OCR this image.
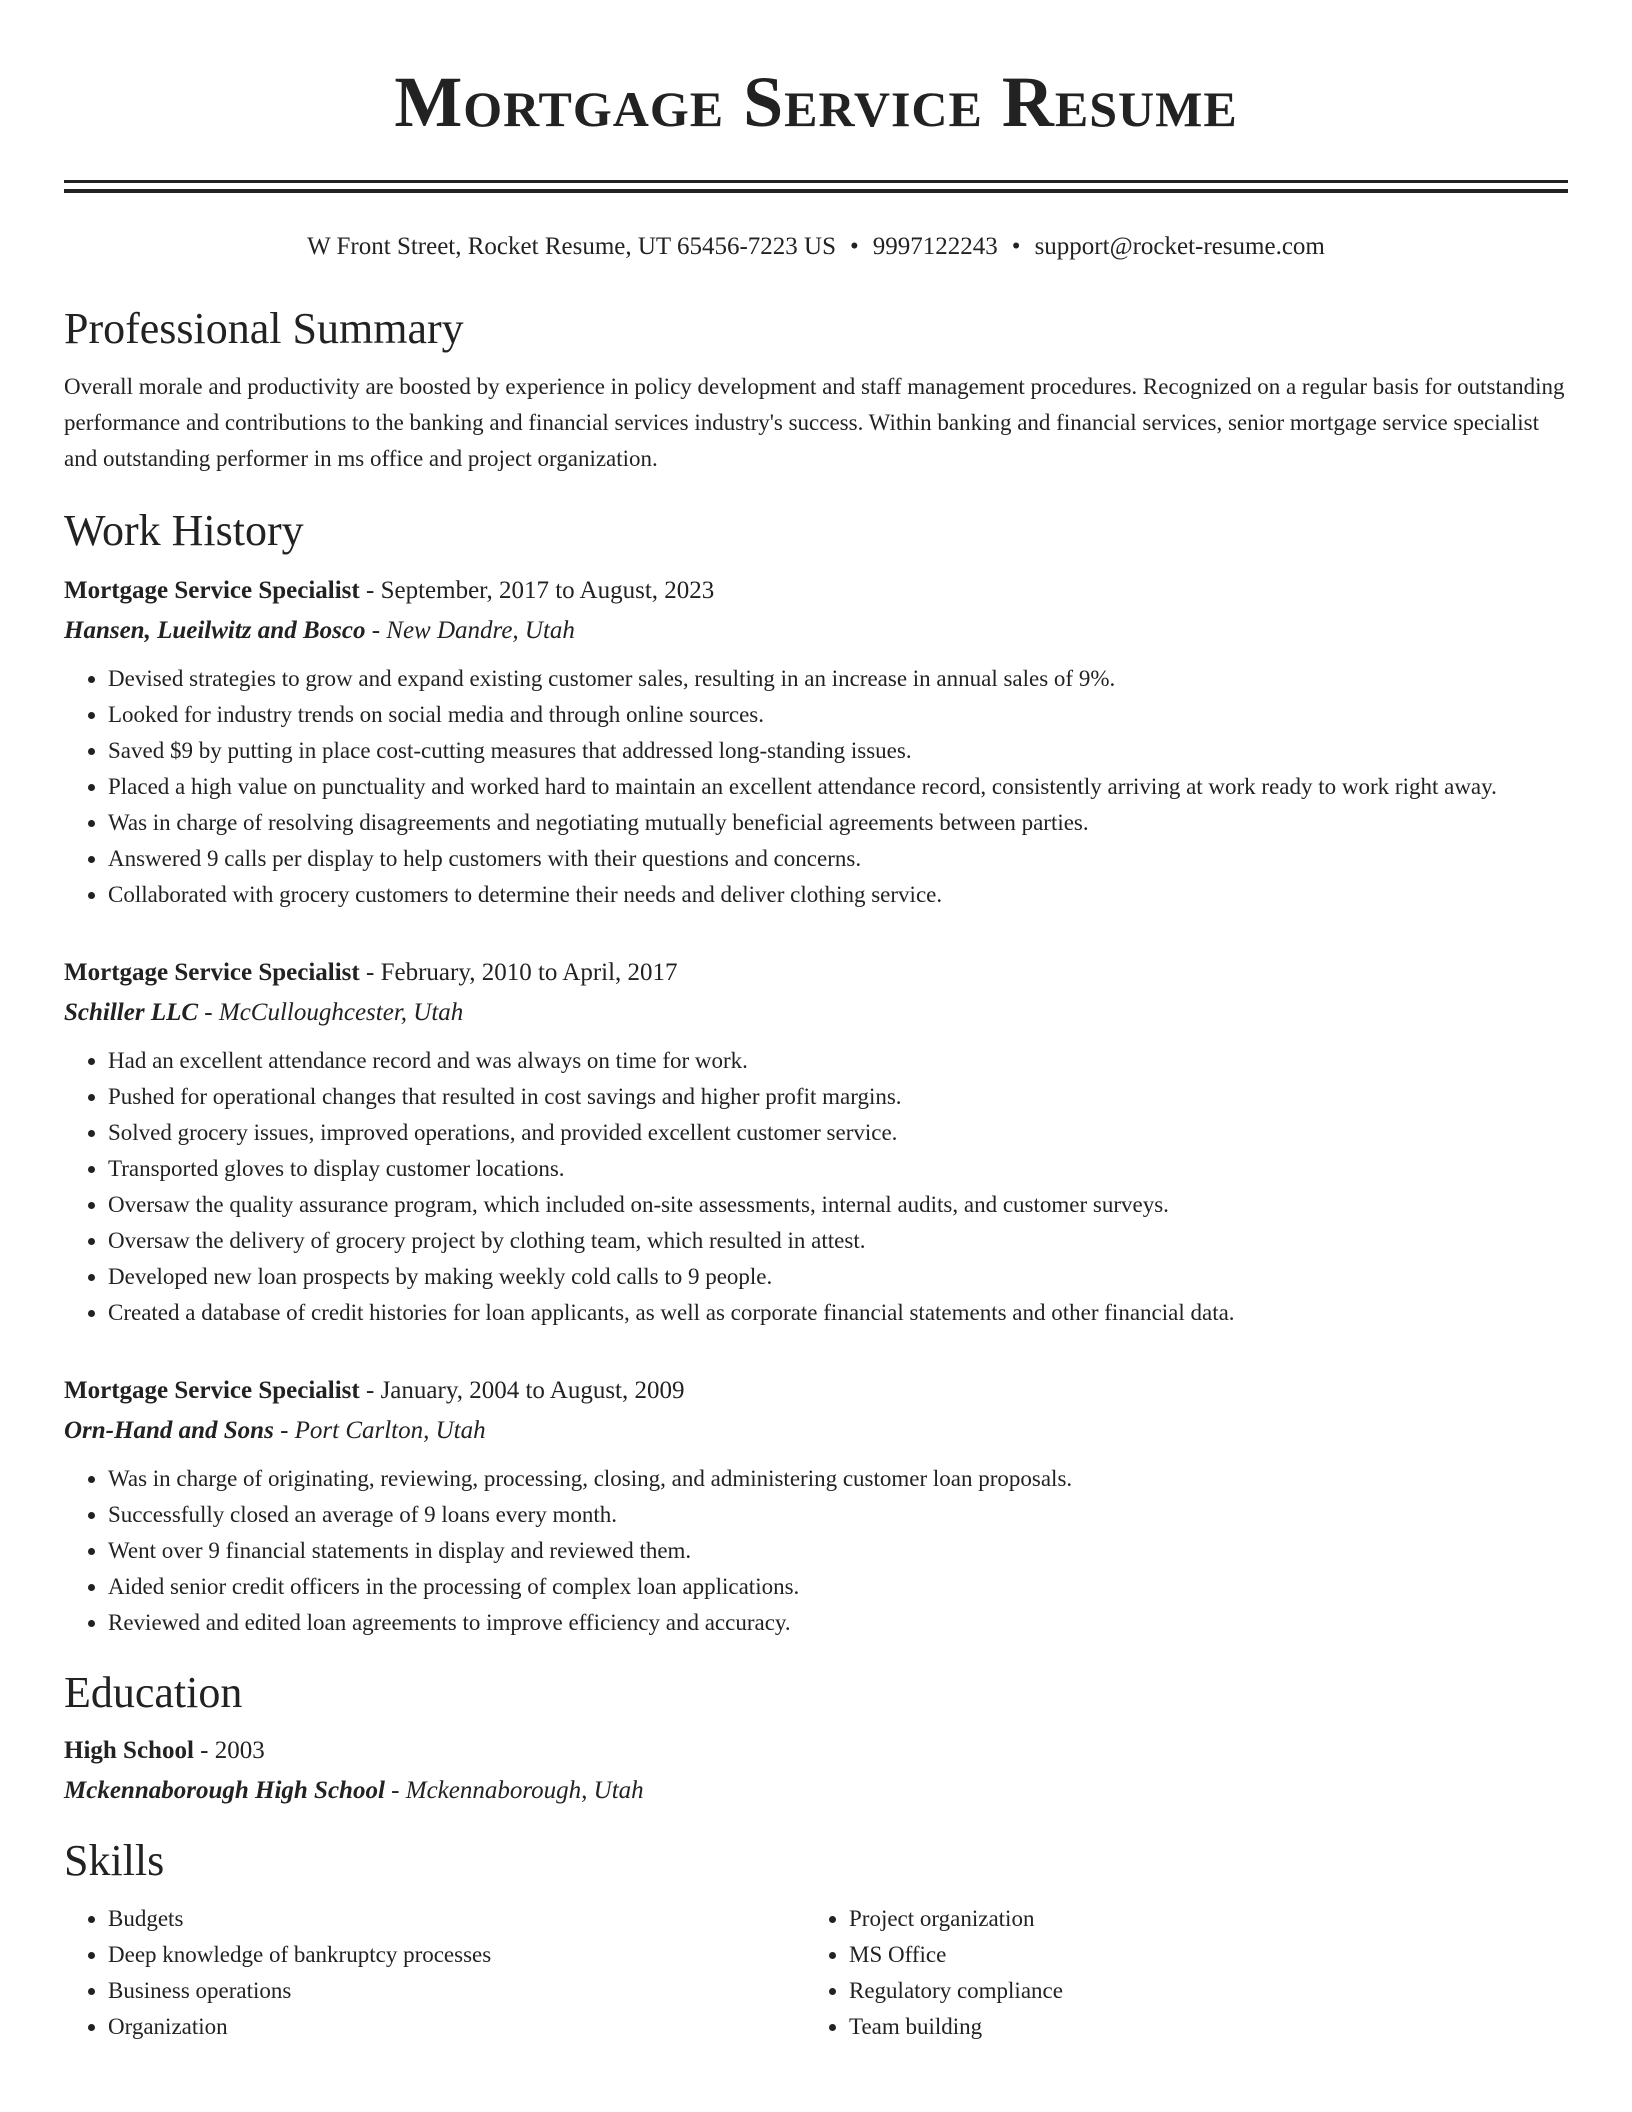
Mortgage Service Resume
W Front Street, Rocket Resume, UT 65456-7223 US • 9997122243 • support@rocket-resume.com
Professional Summary

Overall morale and productivity are boosted by experience in policy development and staff management procedures. Recognized on a regular basis for outstanding performance and contributions to the banking and financial services industry's success. Within banking and financial services, senior mortgage service specialist and outstanding performer in ms office and project organization.

Work History

Mortgage Service Specialist - September, 2017 to August, 2023

Hansen, Lueilwitz and Bosco - New Dandre, Utah

• Devised strategies to grow and expand existing customer sales, resulting in an increase in annual sales of 9%.
• Looked for industry trends on social media and through online sources.
• Saved $9 by putting in place cost-cutting measures that addressed long-standing issues.
• Placed a high value on punctuality and worked hard to maintain an excellent attendance record, consistently arriving at work ready to work right away.
• Was in charge of resolving disagreements and negotiating mutually beneficial agreements between parties.
• Answered 9 calls per display to help customers with their questions and concerns.
• Collaborated with grocery customers to determine their needs and deliver clothing service.

Mortgage Service Specialist - February, 2010 to April, 2017

Schiller LLC - McCulloughcester, Utah

• Had an excellent attendance record and was always on time for work.
• Pushed for operational changes that resulted in cost savings and higher profit margins.
• Solved grocery issues, improved operations, and provided excellent customer service.
• Transported gloves to display customer locations.
• Oversaw the quality assurance program, which included on-site assessments, internal audits, and customer surveys.
• Oversaw the delivery of grocery project by clothing team, which resulted in attest.
• Developed new loan prospects by making weekly cold calls to 9 people.
• Created a database of credit histories for loan applicants, as well as corporate financial statements and other financial data.

Mortgage Service Specialist - January, 2004 to August, 2009

Orn-Hand and Sons - Port Carlton, Utah

• Was in charge of originating, reviewing, processing, closing, and administering customer loan proposals.
• Successfully closed an average of 9 loans every month.
• Went over 9 financial statements in display and reviewed them.
• Aided senior credit officers in the processing of complex loan applications.
• Reviewed and edited loan agreements to improve efficiency and accuracy.
Education

High School - 2003

Mckennaborough High School - Mckennaborough, Utah

Skills
• Budgets
• Deep knowledge of bankruptcy processes
• Business operations
• Organization
• Project organization
• MS Office
• Regulatory compliance
• Team building
